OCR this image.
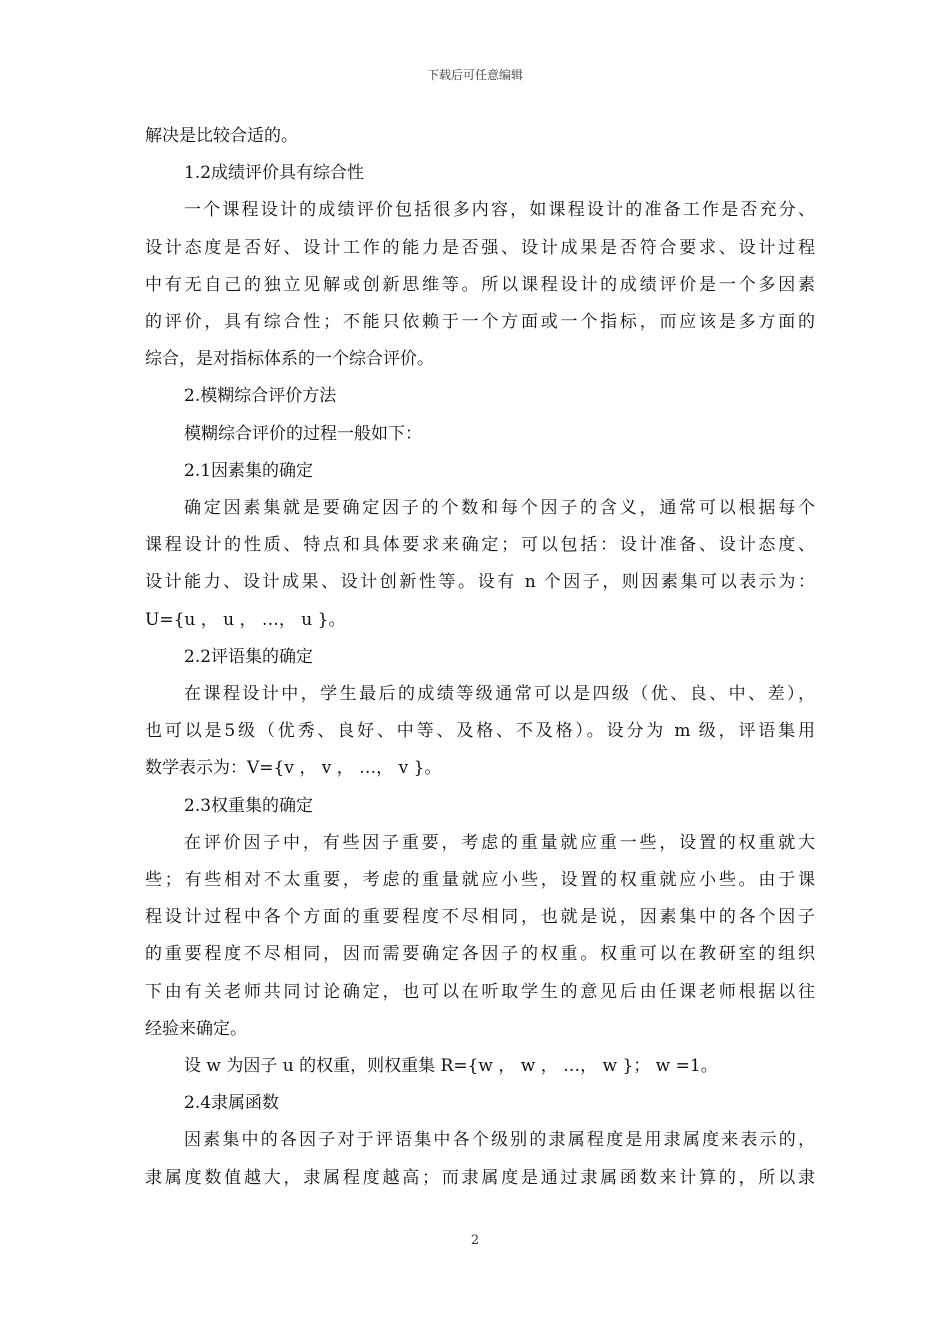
下载后可任意编辑

解决是比较合适的。

1.2成绩评价具有综合性

一个课程设计的成绩评价包括很多内容，如课程设计的准备工作是否充分、

设计态度是否好、设计工作的能力是否强、设计成果是否符合要求、设计过程

中有无自己的独立见解或创新思维等。所以课程设计的成绩评价是一个多因素

的评价，具有综合性；不能只依赖于一个方面或一个指标，而应该是多方面的

综合，是对指标体系的一个综合评价。

2.模糊综合评价方法

模糊综合评价的过程一般如下：

2.1因素集的确定

确定因素集就是要确定因子的个数和每个因子的含义，通常可以根据每个

课程设计的性质、特点和具体要求来确定；可以包括：设计准备、设计态度、

设计能力、设计成果、设计创新性等。设有 n 个因子，则因素集可以表示为：

U={u ， u ， …， u }。

2.2评语集的确定

在课程设计中，学生最后的成绩等级通常可以是四级（优、良、中、差），

也可以是5级（优秀、良好、中等、及格、不及格）。设分为 m 级，评语集用

数学表示为：V={v ， v ， …， v }。

2.3权重集的确定

在评价因子中，有些因子重要，考虑的重量就应重一些，设置的权重就大

些；有些相对不太重要，考虑的重量就应小些，设置的权重就应小些。由于课

程设计过程中各个方面的重要程度不尽相同，也就是说，因素集中的各个因子

的重要程度不尽相同，因而需要确定各因子的权重。权重可以在教研室的组织

下由有关老师共同讨论确定，也可以在听取学生的意见后由任课老师根据以往

经验来确定。

设 w 为因子 u 的权重，则权重集 R={w ， w ， …， w }； w =1。

2.4隶属函数

因素集中的各因子对于评语集中各个级别的隶属程度是用隶属度来表示的，

隶属度数值越大，隶属程度越高；而隶属度是通过隶属函数来计算的，所以隶

2
